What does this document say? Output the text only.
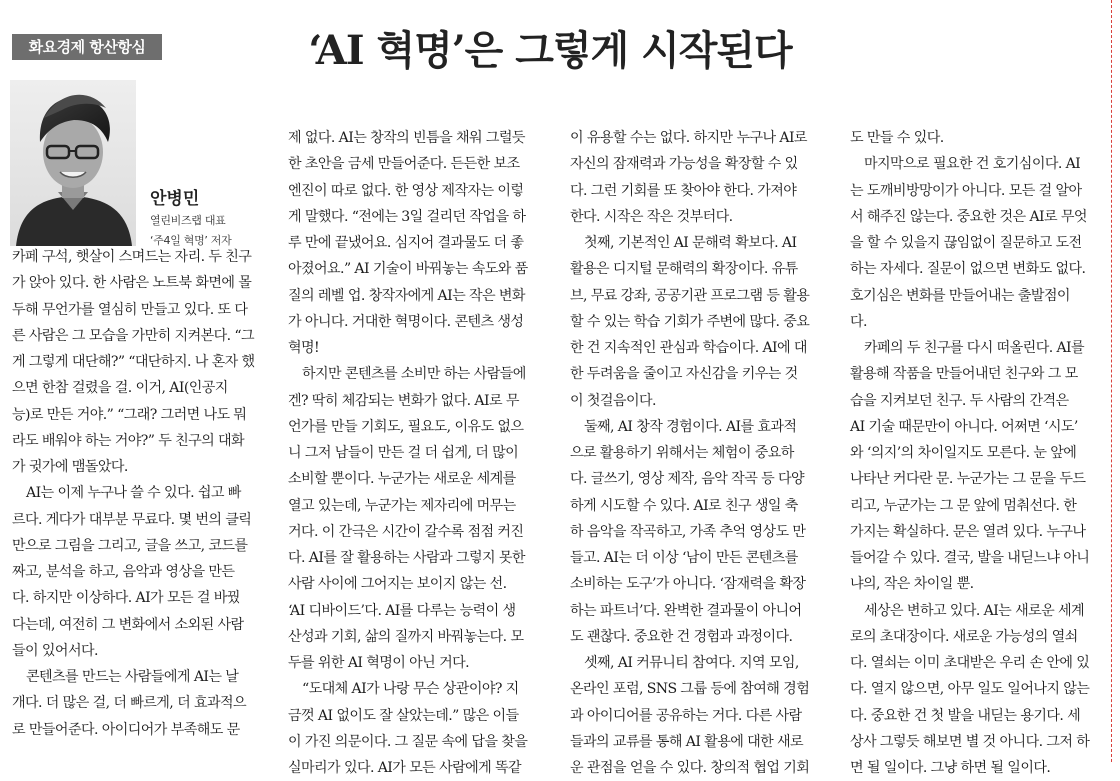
화요경제 항산항심	‘AI 혁명’은 그렇게 시작된다
안병민
열린비즈랩 대표
‘주4일 혁명’ 저자
카페 구석, 햇살이 스며드는 자리. 두 친구
가 앉아 있다. 한 사람은 노트북 화면에 몰
두해 무언가를 열심히 만들고 있다. 또 다
른 사람은 그 모습을 가만히 지켜본다. “그
게 그렇게 대단해?” “대단하지. 나 혼자 했
으면 한참 걸렸을 걸. 이거, AI(인공지
능)로 만든 거야.” “그래? 그러면 나도 뭐
라도 배워야 하는 거야?” 두 친구의 대화
가 귓가에 맴돌았다.
AI는 이제 누구나 쓸 수 있다. 쉽고 빠
르다. 게다가 대부분 무료다. 몇 번의 클릭
만으로 그림을 그리고, 글을 쓰고, 코드를
짜고, 분석을 하고, 음악과 영상을 만든
다. 하지만 이상하다. AI가 모든 걸 바꿨
다는데, 여전히 그 변화에서 소외된 사람
들이 있어서다.
콘텐츠를 만드는 사람들에게 AI는 날
개다. 더 많은 걸, 더 빠르게, 더 효과적으
로 만들어준다. 아이디어가 부족해도 문
제 없다. AI는 창작의 빈틈을 채워 그럴듯
한 초안을 금세 만들어준다. 든든한 보조
엔진이 따로 없다. 한 영상 제작자는 이렇
게 말했다. “전에는 3일 걸리던 작업을 하
루 만에 끝냈어요. 심지어 결과물도 더 좋
아졌어요.” AI 기술이 바꿔놓는 속도와 품
질의 레벨 업. 창작자에게 AI는 작은 변화
가 아니다. 거대한 혁명이다. 콘텐츠 생성
혁명!
하지만 콘텐츠를 소비만 하는 사람들에
겐? 딱히 체감되는 변화가 없다. AI로 무
언가를 만들 기회도, 필요도, 이유도 없으
니 그저 남들이 만든 걸 더 쉽게, 더 많이
소비할 뿐이다. 누군가는 새로운 세계를
열고 있는데, 누군가는 제자리에 머무는
거다. 이 간극은 시간이 갈수록 점점 커진
다. AI를 잘 활용하는 사람과 그렇지 못한
사람 사이에 그어지는 보이지 않는 선.
‘AI 디바이드’다. AI를 다루는 능력이 생
산성과 기회, 삶의 질까지 바꿔놓는다. 모
두를 위한 AI 혁명이 아닌 거다.
“도대체 AI가 나랑 무슨 상관이야? 지
금껏 AI 없이도 잘 살았는데.” 많은 이들
이 가진 의문이다. 그 질문 속에 답을 찾을
실마리가 있다. AI가 모든 사람에게 똑같
이 유용할 수는 없다. 하지만 누구나 AI로
자신의 잠재력과 가능성을 확장할 수 있
다. 그런 기회를 또 찾아야 한다. 가져야
한다. 시작은 작은 것부터다.
첫째, 기본적인 AI 문해력 확보다. AI
활용은 디지털 문해력의 확장이다. 유튜
브, 무료 강좌, 공공기관 프로그램 등 활용
할 수 있는 학습 기회가 주변에 많다. 중요
한 건 지속적인 관심과 학습이다. AI에 대
한 두려움을 줄이고 자신감을 키우는 것
이 첫걸음이다.
둘째, AI 창작 경험이다. AI를 효과적
으로 활용하기 위해서는 체험이 중요하
다. 글쓰기, 영상 제작, 음악 작곡 등 다양
하게 시도할 수 있다. AI로 친구 생일 축
하 음악을 작곡하고, 가족 추억 영상도 만
들고. AI는 더 이상 ‘남이 만든 콘텐츠를
소비하는 도구’가 아니다. ‘잠재력을 확장
하는 파트너’다. 완벽한 결과물이 아니어
도 괜찮다. 중요한 건 경험과 과정이다.
셋째, AI 커뮤니티 참여다. 지역 모임,
온라인 포럼, SNS 그룹 등에 참여해 경험
과 아이디어를 공유하는 거다. 다른 사람
들과의 교류를 통해 AI 활용에 대한 새로
운 관점을 얻을 수 있다. 창의적 협업 기회
도 만들 수 있다.
마지막으로 필요한 건 호기심이다. AI
는 도깨비방망이가 아니다. 모든 걸 알아
서 해주진 않는다. 중요한 것은 AI로 무엇
을 할 수 있을지 끊임없이 질문하고 도전
하는 자세다. 질문이 없으면 변화도 없다.
호기심은 변화를 만들어내는 출발점이
다.
카페의 두 친구를 다시 떠올린다. AI를
활용해 작품을 만들어내던 친구와 그 모
습을 지켜보던 친구. 두 사람의 간격은
AI 기술 때문만이 아니다. 어쩌면 ‘시도’
와 ‘의지’의 차이일지도 모른다. 눈 앞에
나타난 커다란 문. 누군가는 그 문을 두드
리고, 누군가는 그 문 앞에 멈춰선다. 한
가지는 확실하다. 문은 열려 있다. 누구나
들어갈 수 있다. 결국, 발을 내딛느냐 아니
냐의, 작은 차이일 뿐.
세상은 변하고 있다. AI는 새로운 세계
로의 초대장이다. 새로운 가능성의 열쇠
다. 열쇠는 이미 초대받은 우리 손 안에 있
다. 열지 않으면, 아무 일도 일어나지 않는
다. 중요한 건 첫 발을 내딛는 용기다. 세
상사 그렇듯 해보면 별 것 아니다. 그저 하
면 될 일이다. 그냥 하면 될 일이다.
